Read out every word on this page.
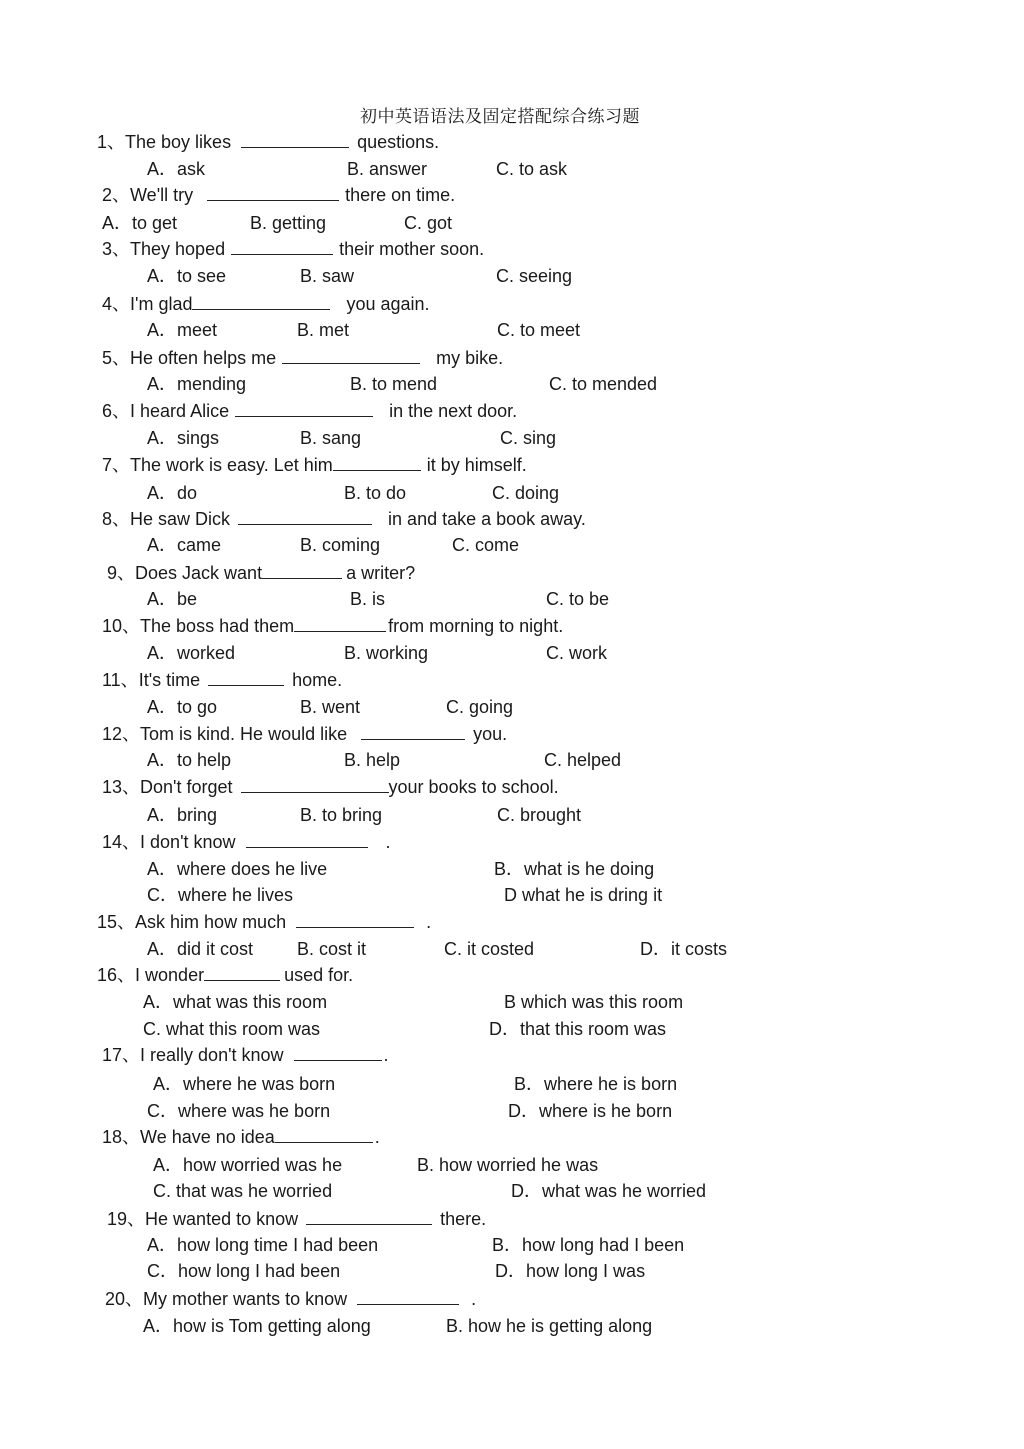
初中英语语法及固定搭配综合练习题
1、The boy likes	questions.
A．ask	B. answer	C. to ask
2、We'll try	there on time.
A．to get	B. getting	C. got
3、They hoped	their mother soon.
A．to see	B. saw	C. seeing
4、I'm glad	you again.
A．meet	B. met	C. to meet
5、He often helps me	my bike.
A．mending	B. to mend	C. to mended
6、I heard Alice	in the next door.
A．sings	B. sang	C. sing
7、The work is easy. Let him	it by himself.
A．do	B. to do	C. doing
8、He saw Dick	in and take a book away.
A．came	B. coming	C. come
9、Does Jack want	a writer?
A．be	B. is	C. to be
10、The boss had them	from morning to night.
A．worked	B. working	C. work
11、It's time	home.
A．to go	B. went	C. going
12、Tom is kind. He would like	you.
A．to help	B. help	C. helped
13、Don't forget	your books to school.
A．bring	B. to bring	C. brought
14、I don't know	.
A．where does he live	B．what is he doing
C．where he lives	D what he is dring it
15、Ask him how much	.
A．did it cost B. cost it	C. it costed	D．it costs
16、I wonder	used for.
A．what was this room	B which was this room
C. what this room was	D．that this room was
17、I really don't know	.
A．where he was born	B．where he is born
C．where was he born	D．where is he born
18、We have no idea	.
A．how worried was he	B. how worried he was
C. that was he worried	D．what was he worried
19、He wanted to know	there.
A．how long time I had been	B．how long had I been
C．how long I had been	D．how long I was
20、My mother wants to know	.
A．how is Tom getting along	B. how he is getting along
